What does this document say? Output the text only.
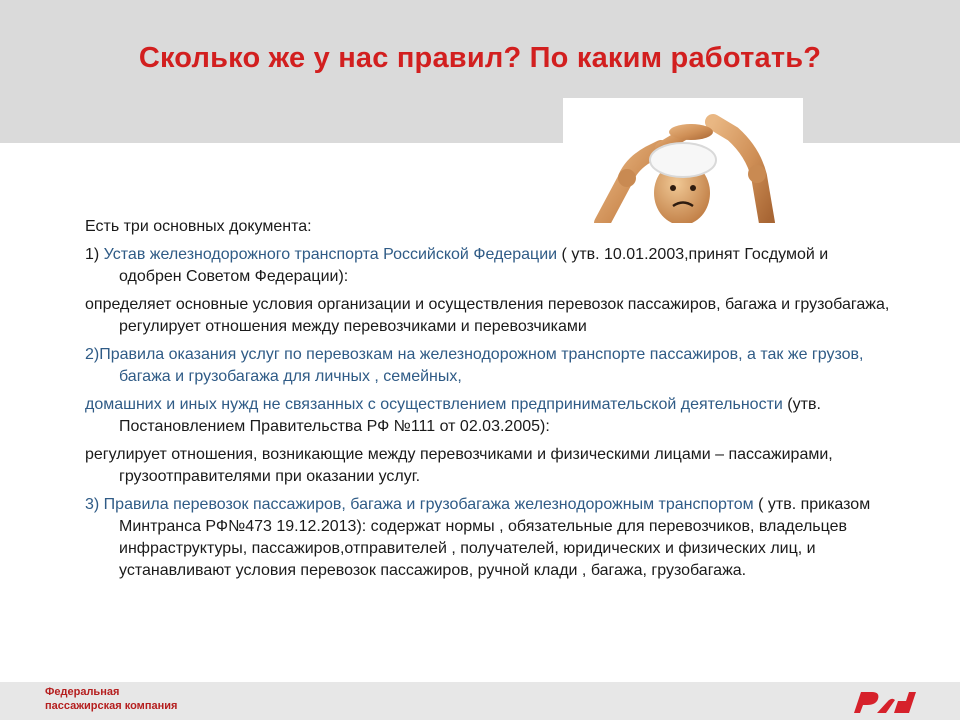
Сколько же у нас правил? По каким работать?

Есть три основных документа:

1) Устав железнодорожного транспорта Российской Федерации ( утв. 10.01.2003,принят Госдумой и одобрен Советом Федерации):

определяет основные условия организации и осуществления перевозок пассажиров, багажа и грузобагажа, регулирует отношения между перевозчиками и перевозчиками

2)Правила оказания услуг по перевозкам на железнодорожном транспорте пассажиров, а так же грузов, багажа и грузобагажа для личных , семейных,

домашних и иных нужд не связанных с осуществлением предпринимательской деятельности (утв. Постановлением Правительства РФ №111 от 02.03.2005):

регулирует отношения, возникающие между перевозчиками и физическими лицами – пассажирами, грузоотправителями при оказании услуг.

3) Правила перевозок пассажиров, багажа и грузобагажа железнодорожным транспортом ( утв. приказом Минтранса РФ№473 19.12.2013): содержат нормы , обязательные для перевозчиков, владельцев инфраструктуры, пассажиров,отправителей , получателей, юридических и физических лиц, и устанавливают условия перевозок пассажиров, ручной клади , багажа, грузобагажа.

Федеральная
пассажирская компания
